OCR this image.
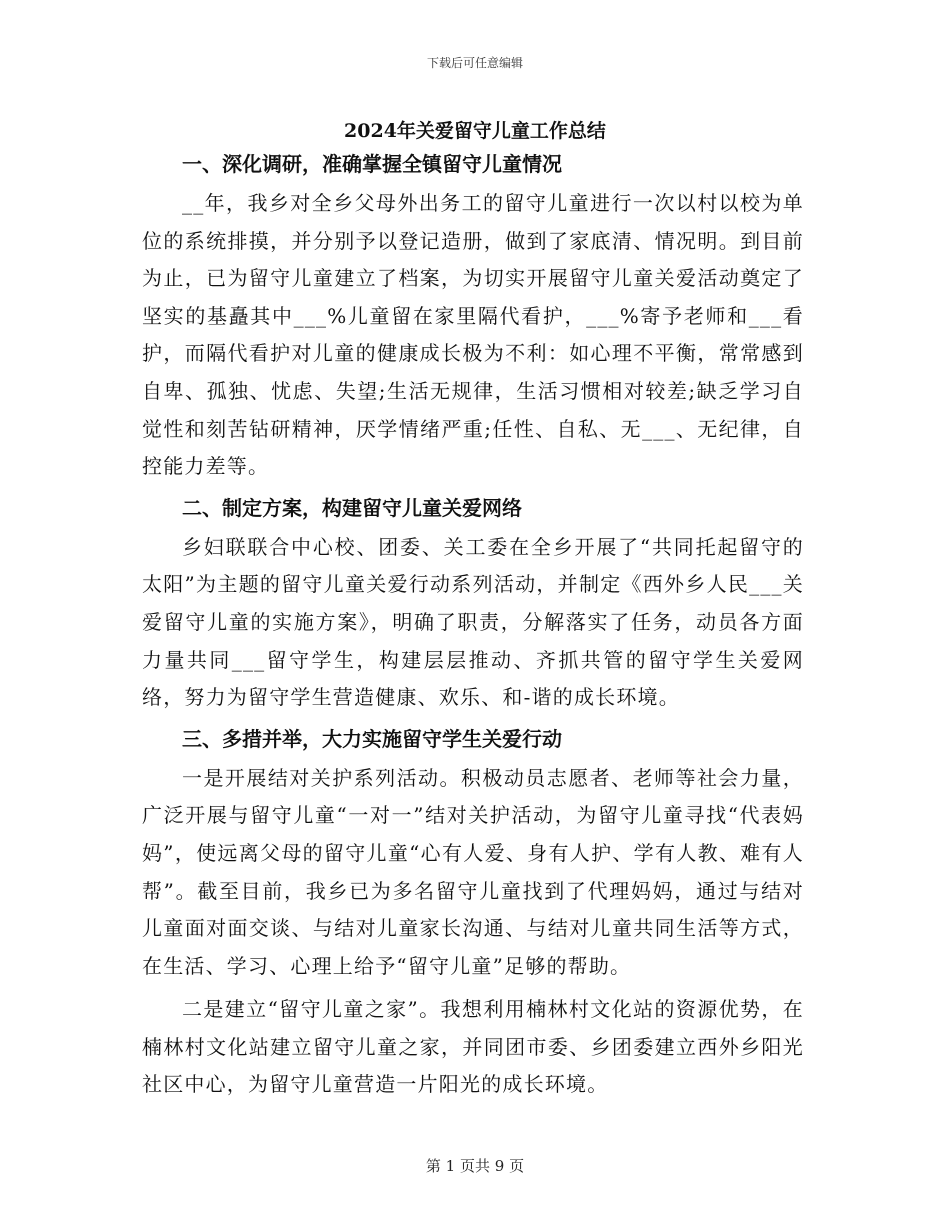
下载后可任意编辑
2024年关爱留守儿童工作总结
一、深化调研，准确掌握全镇留守儿童情况

__年，我乡对全乡父母外出务工的留守儿童进行一次以村以校为单位的系统排摸，并分别予以登记造册，做到了家底清、情况明。到目前为止，已为留守儿童建立了档案，为切实开展留守儿童关爱活动奠定了坚实的基矗其中___%儿童留在家里隔代看护，___%寄予老师和___看护，而隔代看护对儿童的健康成长极为不利：如心理不平衡，常常感到自卑、孤独、忧虑、失望;生活无规律，生活习惯相对较差;缺乏学习自觉性和刻苦钻研精神，厌学情绪严重;任性、自私、无___、无纪律，自控能力差等。

二、制定方案，构建留守儿童关爱网络

乡妇联联合中心校、团委、关工委在全乡开展了“共同托起留守的太阳”为主题的留守儿童关爱行动系列活动，并制定《西外乡人民___关爱留守儿童的实施方案》，明确了职责，分解落实了任务，动员各方面力量共同___留守学生，构建层层推动、齐抓共管的留守学生关爱网络，努力为留守学生营造健康、欢乐、和-谐的成长环境。

三、多措并举，大力实施留守学生关爱行动

一是开展结对关护系列活动。积极动员志愿者、老师等社会力量，广泛开展与留守儿童“一对一”结对关护活动，为留守儿童寻找“代表妈妈”，使远离父母的留守儿童“心有人爱、身有人护、学有人教、难有人帮”。截至目前，我乡已为多名留守儿童找到了代理妈妈，通过与结对儿童面对面交谈、与结对儿童家长沟通、与结对儿童共同生活等方式，在生活、学习、心理上给予“留守儿童”足够的帮助。

二是建立“留守儿童之家”。我想利用楠林村文化站的资源优势，在楠林村文化站建立留守儿童之家，并同团市委、乡团委建立西外乡阳光社区中心，为留守儿童营造一片阳光的成长环境。

第 1 页共 9 页
